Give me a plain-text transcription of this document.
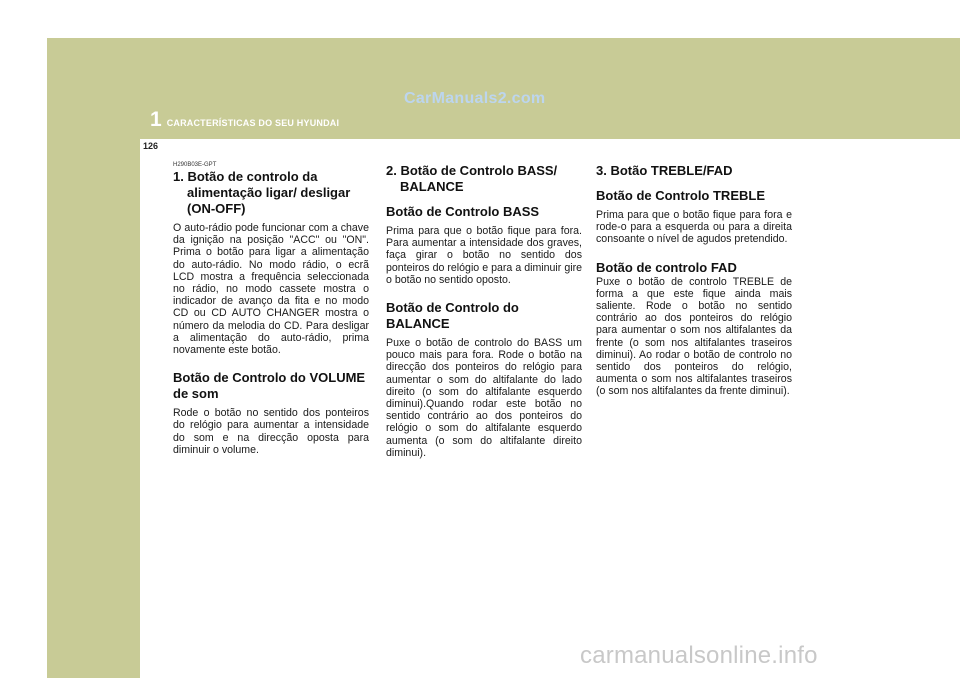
CarManuals2.com
1 CARACTERÍSTICAS DO SEU HYUNDAI
126

H290B03E-GPT

1. Botão de controlo da alimentação ligar/ desligar (ON-OFF)

O auto-rádio pode funcionar com a chave da ignição na posição "ACC" ou "ON". Prima o botão para ligar a alimentação do auto-rádio. No modo rádio, o ecrã LCD mostra a frequência seleccionada no rádio, no modo cassete mostra o indicador de avanço da fita e no modo CD ou CD AUTO CHANGER mostra o número da melodia do CD. Para desligar a alimentação do auto-rádio, prima novamente este botão.

Botão de Controlo do VOLUME de som

Rode o botão no sentido dos ponteiros do relógio para aumentar a intensidade do som e na direcção oposta para diminuir o volume.

2. Botão de Controlo BASS/ BALANCE

Botão de Controlo BASS

Prima para que o botão fique para fora. Para aumentar a intensidade dos graves, faça girar o botão no sentido dos ponteiros do relógio e para a diminuir gire o botão no sentido oposto.

Botão de Controlo do BALANCE

Puxe o botão de controlo do BASS um pouco mais para fora. Rode o botão na direcção dos ponteiros do relógio para aumentar o som do altifalante do lado direito (o som do altifalante esquerdo diminui).Quando rodar este botão no sentido contrário ao dos ponteiros do relógio o som do altifalante esquerdo aumenta (o som do altifalante direito diminui).

3. Botão TREBLE/FAD

Botão de Controlo TREBLE

Prima para que o botão fique para fora e rode-o para a esquerda ou para a direita consoante o nível de agudos pretendido.

Botão de controlo FAD

Puxe o botão de controlo TREBLE de forma a que este fique ainda mais saliente. Rode o botão no sentido contrário ao dos ponteiros do relógio para aumentar o som nos altifalantes da frente (o som nos altifalantes traseiros diminui). Ao rodar o botão de controlo no sentido dos ponteiros do relógio, aumenta o som nos altifalantes traseiros (o som nos altifalantes da frente diminui).

carmanualsonline.info
